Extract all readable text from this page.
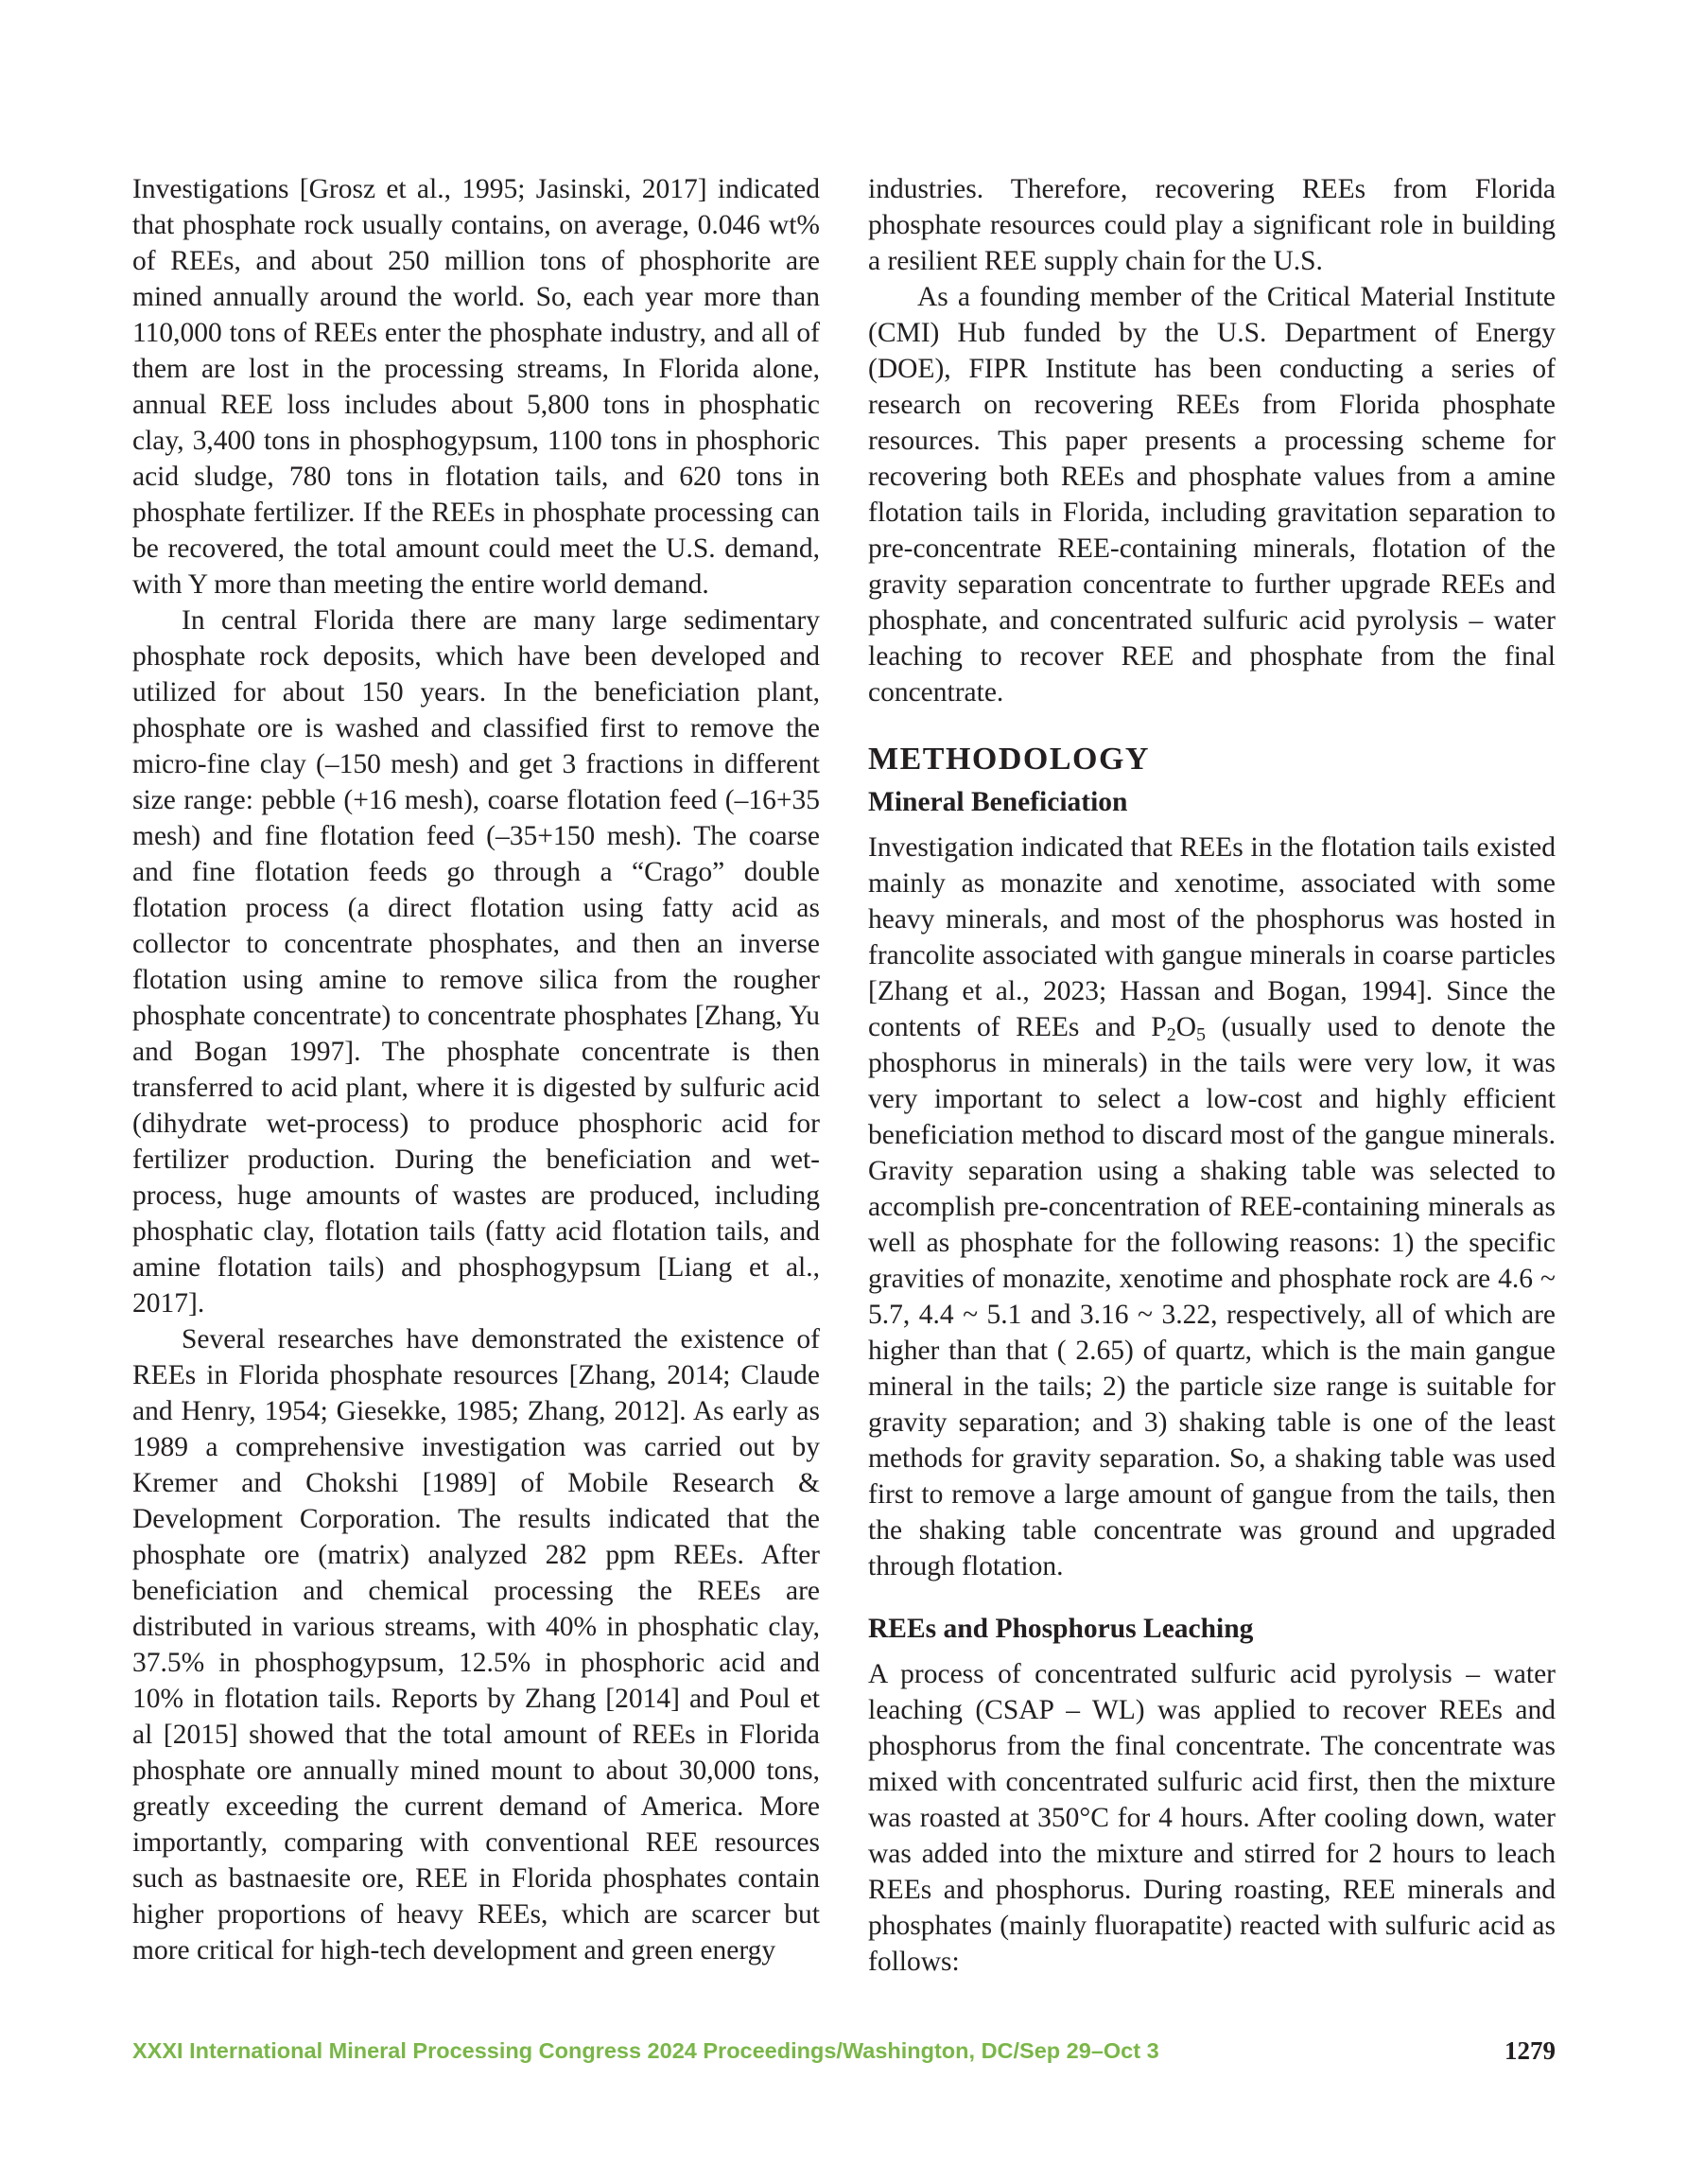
Investigations [Grosz et al., 1995; Jasinski, 2017] indicated that phosphate rock usually contains, on average, 0.046 wt% of REEs, and about 250 million tons of phosphorite are mined annually around the world. So, each year more than 110,000 tons of REEs enter the phosphate industry, and all of them are lost in the processing streams, In Florida alone, annual REE loss includes about 5,800 tons in phosphatic clay, 3,400 tons in phosphogypsum, 1100 tons in phosphoric acid sludge, 780 tons in flotation tails, and 620 tons in phosphate fertilizer. If the REEs in phosphate processing can be recovered, the total amount could meet the U.S. demand, with Y more than meeting the entire world demand.

In central Florida there are many large sedimentary phosphate rock deposits, which have been developed and utilized for about 150 years. In the beneficiation plant, phosphate ore is washed and classified first to remove the micro-fine clay (–150 mesh) and get 3 fractions in different size range: pebble (+16 mesh), coarse flotation feed (–16+35 mesh) and fine flotation feed (–35+150 mesh). The coarse and fine flotation feeds go through a “Crago” double flotation process (a direct flotation using fatty acid as collector to concentrate phosphates, and then an inverse flotation using amine to remove silica from the rougher phosphate concentrate) to concentrate phosphates [Zhang, Yu and Bogan 1997]. The phosphate concentrate is then transferred to acid plant, where it is digested by sulfuric acid (dihydrate wet-process) to produce phosphoric acid for fertilizer production. During the beneficiation and wet-process, huge amounts of wastes are produced, including phosphatic clay, flotation tails (fatty acid flotation tails, and amine flotation tails) and phosphogypsum [Liang et al., 2017].

Several researches have demonstrated the existence of REEs in Florida phosphate resources [Zhang, 2014; Claude and Henry, 1954; Giesekke, 1985; Zhang, 2012]. As early as 1989 a comprehensive investigation was carried out by Kremer and Chokshi [1989] of Mobile Research & Development Corporation. The results indicated that the phosphate ore (matrix) analyzed 282 ppm REEs. After beneficiation and chemical processing the REEs are distributed in various streams, with 40% in phosphatic clay, 37.5% in phosphogypsum, 12.5% in phosphoric acid and 10% in flotation tails. Reports by Zhang [2014] and Poul et al [2015] showed that the total amount of REEs in Florida phosphate ore annually mined mount to about 30,000 tons, greatly exceeding the current demand of America. More importantly, comparing with conventional REE resources such as bastnaesite ore, REE in Florida phosphates contain higher proportions of heavy REEs, which are scarcer but more critical for high-tech development and green energy

industries. Therefore, recovering REEs from Florida phosphate resources could play a significant role in building a resilient REE supply chain for the U.S.

As a founding member of the Critical Material Institute (CMI) Hub funded by the U.S. Department of Energy (DOE), FIPR Institute has been conducting a series of research on recovering REEs from Florida phosphate resources. This paper presents a processing scheme for recovering both REEs and phosphate values from a amine flotation tails in Florida, including gravitation separation to pre-concentrate REE-containing minerals, flotation of the gravity separation concentrate to further upgrade REEs and phosphate, and concentrated sulfuric acid pyrolysis – water leaching to recover REE and phosphate from the final concentrate.

METHODOLOGY
Mineral Beneficiation

Investigation indicated that REEs in the flotation tails existed mainly as monazite and xenotime, associated with some heavy minerals, and most of the phosphorus was hosted in francolite associated with gangue minerals in coarse particles [Zhang et al., 2023; Hassan and Bogan, 1994]. Since the contents of REEs and $P_2O_5$ (usually used to denote the phosphorus in minerals) in the tails were very low, it was very important to select a low-cost and highly efficient beneficiation method to discard most of the gangue minerals. Gravity separation using a shaking table was selected to accomplish pre-concentration of REE-containing minerals as well as phosphate for the following reasons: 1) the specific gravities of monazite, xenotime and phosphate rock are 4.6 ~ 5.7, 4.4 ~ 5.1 and 3.16 ~ 3.22, respectively, all of which are higher than that ( 2.65) of quartz, which is the main gangue mineral in the tails; 2) the particle size range is suitable for gravity separation; and 3) shaking table is one of the least methods for gravity separation. So, a shaking table was used first to remove a large amount of gangue from the tails, then the shaking table concentrate was ground and upgraded through flotation.

REEs and Phosphorus Leaching

A process of concentrated sulfuric acid pyrolysis – water leaching (CSAP – WL) was applied to recover REEs and phosphorus from the final concentrate. The concentrate was mixed with concentrated sulfuric acid first, then the mixture was roasted at 350°C for 4 hours. After cooling down, water was added into the mixture and stirred for 2 hours to leach REEs and phosphorus. During roasting, REE minerals and phosphates (mainly fluorapatite) reacted with sulfuric acid as follows:

XXXI International Mineral Processing Congress 2024 Proceedings/Washington, DC/Sep 29–Oct 3	1279
